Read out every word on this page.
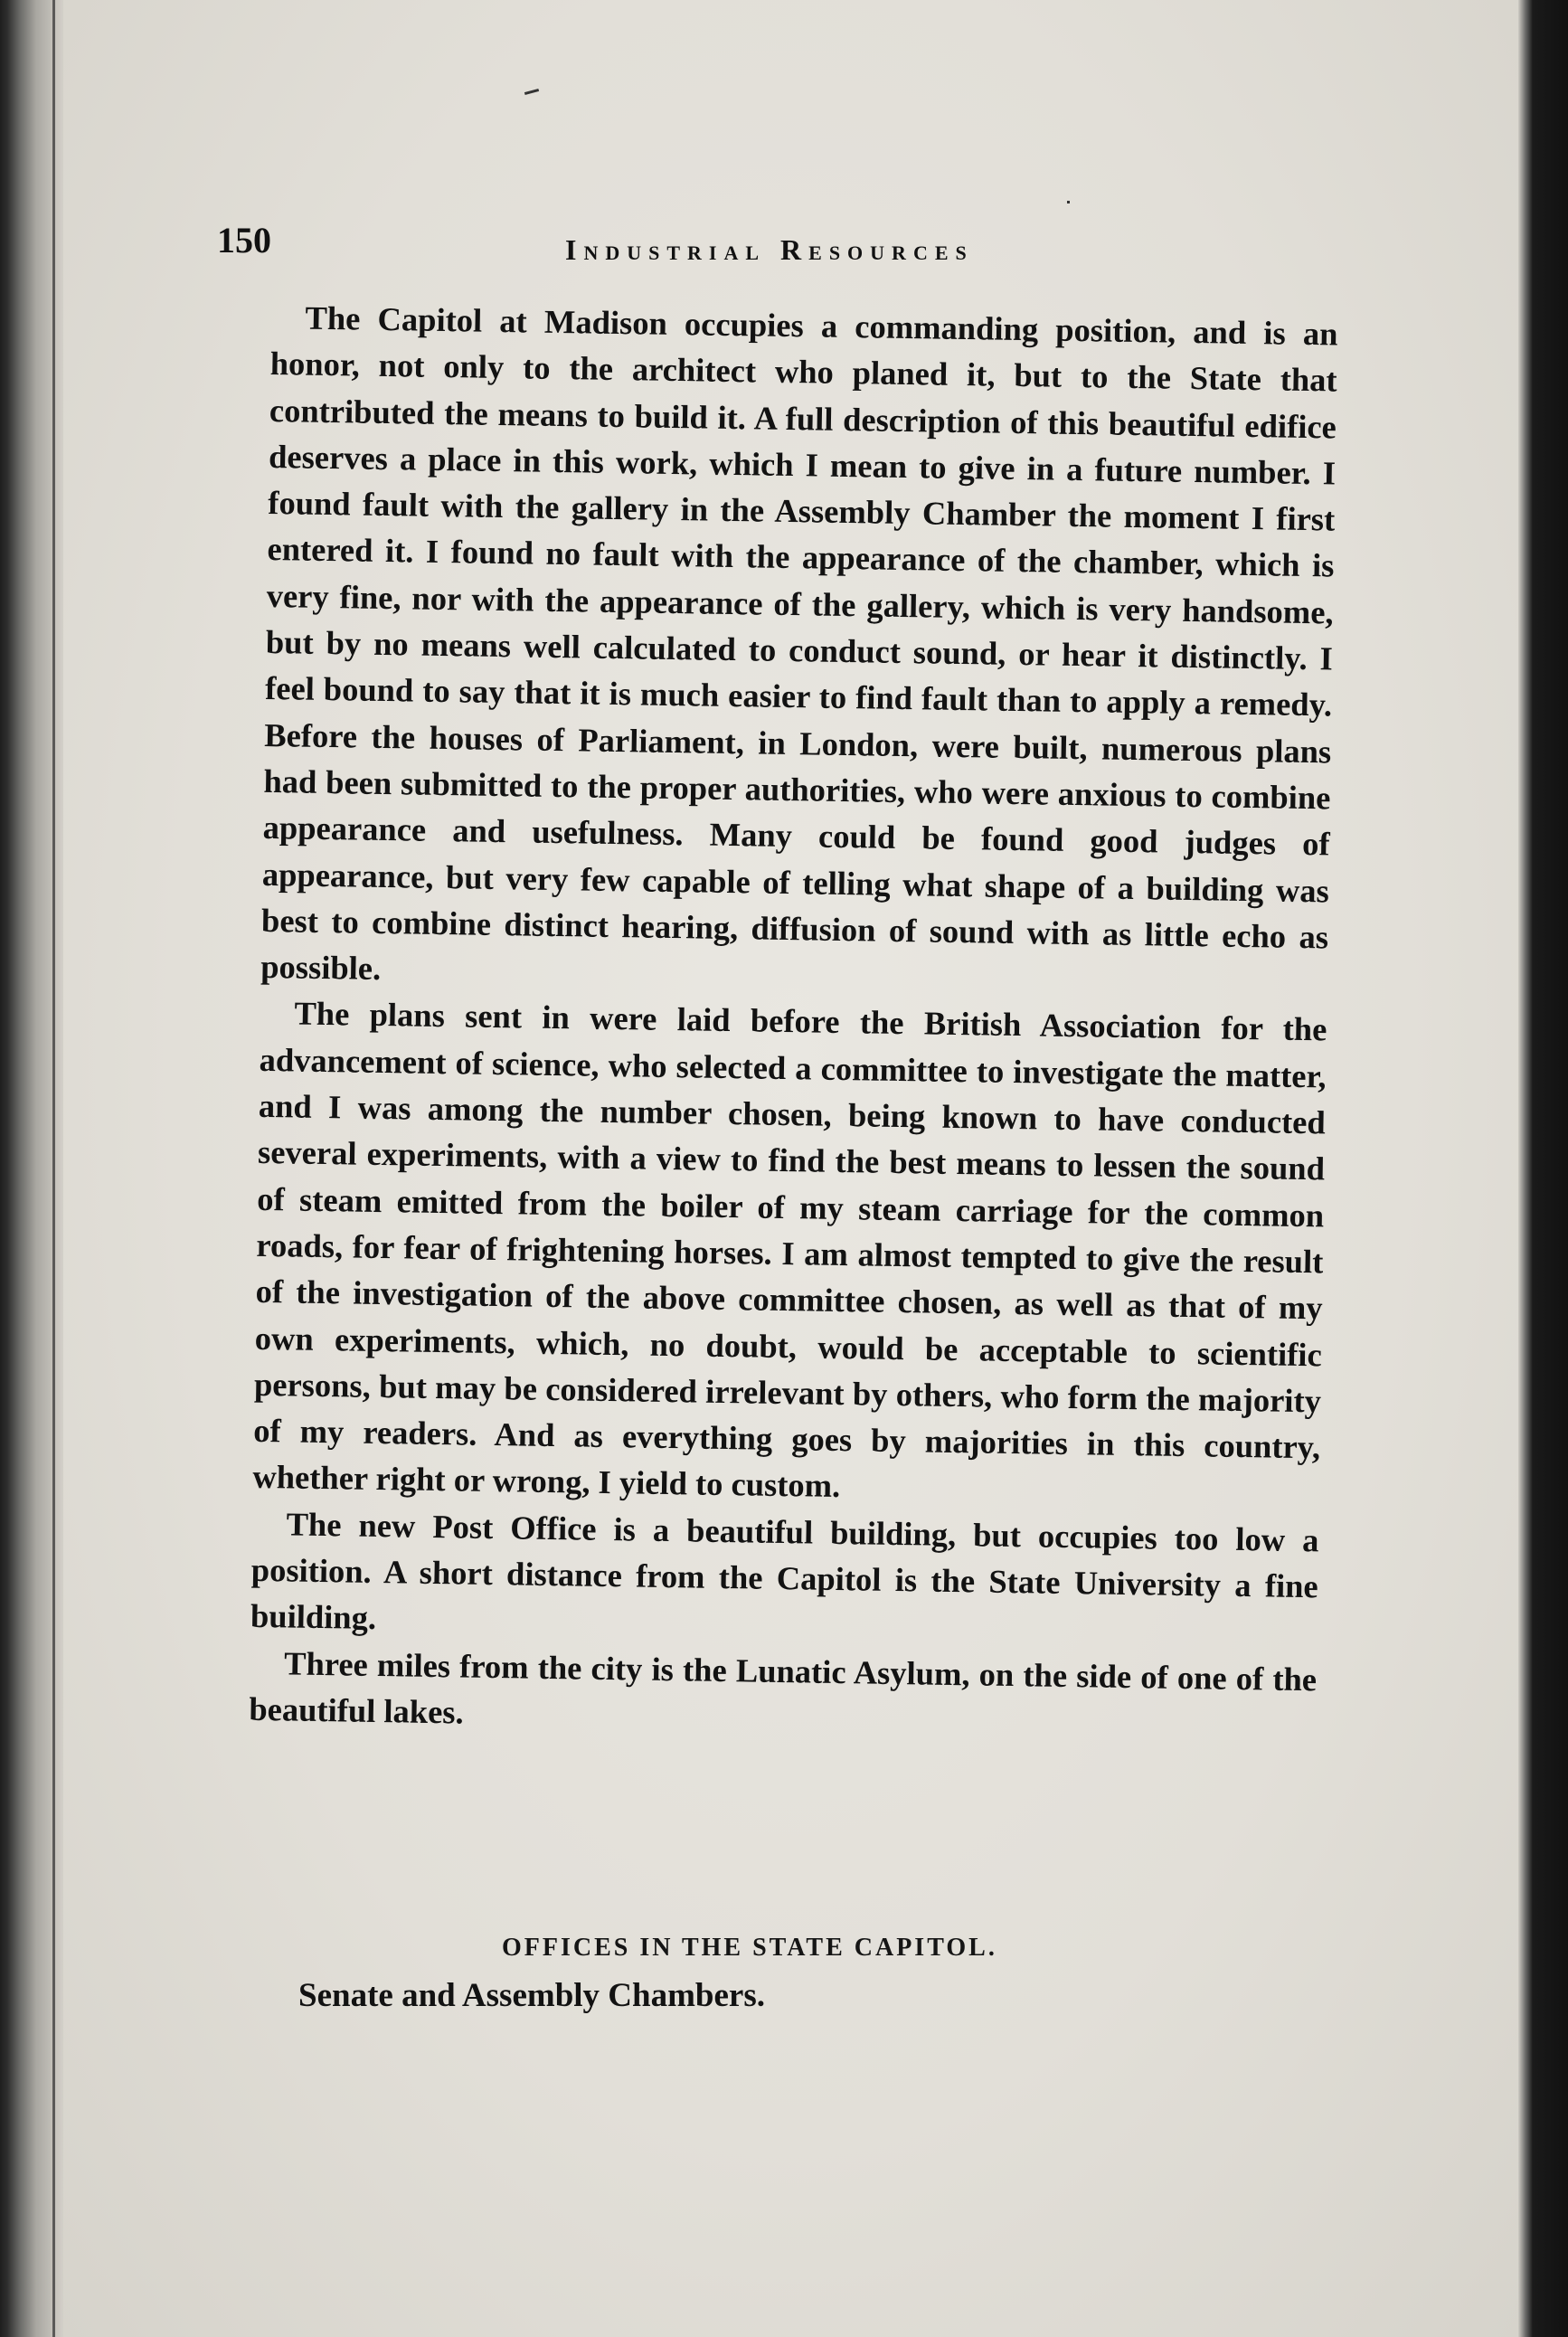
150	Industrial Resources

The Capitol at Madison occupies a commanding position, and is an honor, not only to the architect who planed it, but to the State that contributed the means to build it. A full description of this beautiful edifice deserves a place in this work, which I mean to give in a future number. I found fault with the gallery in the Assembly Chamber the moment I first entered it. I found no fault with the appearance of the chamber, which is very fine, nor with the appearance of the gallery, which is very handsome, but by no means well calculated to conduct sound, or hear it distinctly. I feel bound to say that it is much easier to find fault than to apply a remedy. Before the houses of Parliament, in London, were built, numerous plans had been submitted to the proper authorities, who were anxious to combine appearance and usefulness. Many could be found good judges of appearance, but very few capable of telling what shape of a building was best to combine distinct hearing, diffusion of sound with as little echo as possible.

The plans sent in were laid before the British Association for the advancement of science, who selected a committee to investigate the matter, and I was among the number chosen, being known to have conducted several experiments, with a view to find the best means to lessen the sound of steam emitted from the boiler of my steam carriage for the common roads, for fear of frightening horses. I am almost tempted to give the result of the investigation of the above committee chosen, as well as that of my own experiments, which, no doubt, would be acceptable to scientific persons, but may be considered irrelevant by others, who form the majority of my readers. And as everything goes by majorities in this country, whether right or wrong, I yield to custom.

The new Post Office is a beautiful building, but occupies too low a position. A short distance from the Capitol is the State University a fine building.

Three miles from the city is the Lunatic Asylum, on the side of one of the beautiful lakes.

OFFICES IN THE STATE CAPITOL.
Senate and Assembly Chambers.
